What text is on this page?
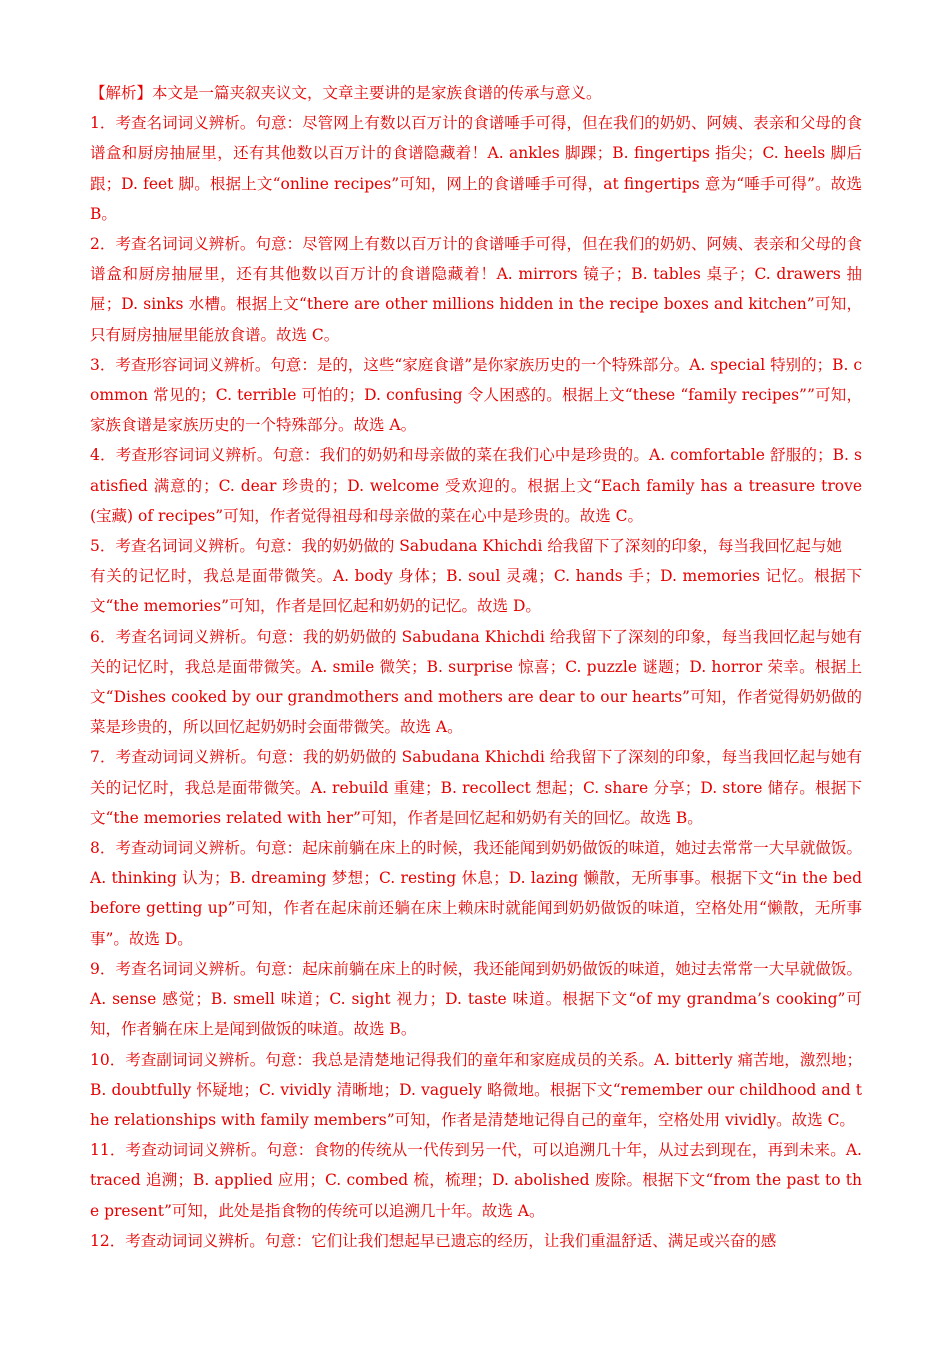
【解析】本文是一篇夹叙夹议文，文章主要讲的是家族食谱的传承与意义。

1．考查名词词义辨析。句意：尽管网上有数以百万计的食谱唾手可得，但在我们的奶奶、阿姨、表亲和父母的食谱盒和厨房抽屉里，还有其他数以百万计的食谱隐藏着！A. ankles 脚踝；B. fingertips 指尖；C. heels 脚后跟；D. feet 脚。根据上文“online recipes”可知，网上的食谱唾手可得，at fingertips 意为“唾手可得”。故选 B。

2．考查名词词义辨析。句意：尽管网上有数以百万计的食谱唾手可得，但在我们的奶奶、阿姨、表亲和父母的食谱盒和厨房抽屉里，还有其他数以百万计的食谱隐藏着！A. mirrors 镜子；B. tables 桌子；C. drawers 抽屉；D. sinks 水槽。根据上文“there are other millions hidden in the recipe boxes and kitchen”可知，只有厨房抽屉里能放食谱。故选 C。

3．考查形容词词义辨析。句意：是的，这些“家庭食谱”是你家族历史的一个特殊部分。A. special 特别的；B. common 常见的；C. terrible 可怕的；D. confusing 令人困惑的。根据上文“these “family recipes””可知，家族食谱是家族历史的一个特殊部分。故选 A。

4．考查形容词词义辨析。句意：我们的奶奶和母亲做的菜在我们心中是珍贵的。A. comfortable 舒服的；B. satisfied 满意的；C. dear 珍贵的；D. welcome 受欢迎的。根据上文“Each family has a treasure trove (宝藏) of recipes”可知，作者觉得祖母和母亲做的菜在心中是珍贵的。故选 C。

5．考查名词词义辨析。句意：我的奶奶做的 Sabudana Khichdi 给我留下了深刻的印象，每当我回忆起与她

有关的记忆时，我总是面带微笑。A. body 身体；B. soul 灵魂；C. hands 手；D. memories 记忆。根据下文“the memories”可知，作者是回忆起和奶奶的记忆。故选 D。

6．考查名词词义辨析。句意：我的奶奶做的 Sabudana Khichdi 给我留下了深刻的印象，每当我回忆起与她有关的记忆时，我总是面带微笑。A. smile 微笑；B. surprise 惊喜；C. puzzle 谜题；D. horror 荣幸。根据上文“Dishes cooked by our grandmothers and mothers are dear to our hearts”可知，作者觉得奶奶做的菜是珍贵的，所以回忆起奶奶时会面带微笑。故选 A。

7．考查动词词义辨析。句意：我的奶奶做的 Sabudana Khichdi 给我留下了深刻的印象，每当我回忆起与她有关的记忆时，我总是面带微笑。A. rebuild 重建；B. recollect 想起；C. share 分享；D. store 储存。根据下文“the memories related with her”可知，作者是回忆起和奶奶有关的回忆。故选 B。

8．考查动词词义辨析。句意：起床前躺在床上的时候，我还能闻到奶奶做饭的味道，她过去常常一大早就做饭。A. thinking 认为；B. dreaming 梦想；C. resting 休息；D. lazing 懒散，无所事事。根据下文“in the bed before getting up”可知，作者在起床前还躺在床上赖床时就能闻到奶奶做饭的味道，空格处用“懒散，无所事事”。故选 D。

9．考查名词词义辨析。句意：起床前躺在床上的时候，我还能闻到奶奶做饭的味道，她过去常常一大早就做饭。A. sense 感觉；B. smell 味道；C. sight 视力；D. taste 味道。根据下文“of my grandma’s cooking”可知，作者躺在床上是闻到做饭的味道。故选 B。

10．考查副词词义辨析。句意：我总是清楚地记得我们的童年和家庭成员的关系。A. bitterly 痛苦地，激烈地；B. doubtfully 怀疑地；C. vividly 清晰地；D. vaguely 略微地。根据下文“remember our childhood and the relationships with family members”可知，作者是清楚地记得自己的童年，空格处用 vividly。故选 C。

11．考查动词词义辨析。句意：食物的传统从一代传到另一代，可以追溯几十年，从过去到现在，再到未来。A. traced 追溯；B. applied 应用；C. combed 梳，梳理；D. abolished 废除。根据下文“from the past to the present”可知，此处是指食物的传统可以追溯几十年。故选 A。

12．考查动词词义辨析。句意：它们让我们想起早已遗忘的经历，让我们重温舒适、满足或兴奋的感
